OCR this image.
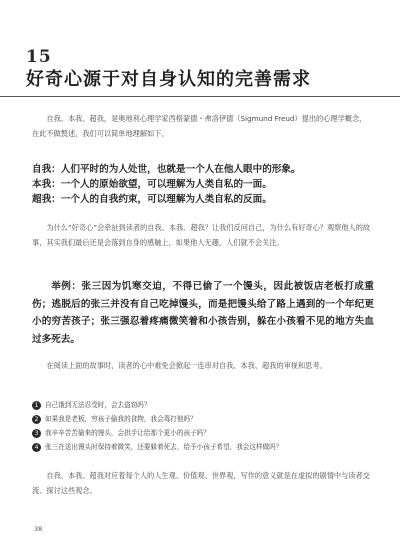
15
好奇心源于对自身认知的完善需求

自我、本我、超我，是奥地利心理学家西格蒙德・弗洛伊德（Sigmund Freud）提出的心理学概念，在此不做赘述，我们可以简单地理解如下。

自我：人们平时的为人处世，也就是一个人在他人眼中的形象。
本我：一个人的原始欲望，可以理解为人类自私的一面。
超我：一个人的自我约束，可以理解为人类自私的反面。

为什么“好奇心”会牵扯到读者的自我、本我、超我？让我们反问自己，为什么有好奇心？观察他人的故事，其实我们最后还是会落到自身的感触上，如果他人无趣，人们就不会关注。

举例：张三因为饥寒交迫，不得已偷了一个馒头，因此被饭店老板打成重伤；逃脱后的张三并没有自己吃掉馒头，而是把馒头给了路上遇到的一个年纪更小的穷苦孩子；张三强忍着疼痛微笑着和小孩告别，躲在小孩看不见的地方失血过多死去。

在阅读上面的故事时，读者的心中难免会掀起一连串对自我、本我、超我的审视和思考。

1 自己饿到无法忍受时，会去盗窃吗？
2 如果我是老板，穷孩子偷我的食物，我会毒打他吗？
3 我辛辛苦苦偷来的馒头，会拱手让给那个更小的孩子吗？
4 张三在送出馒头时保持着微笑，还要躲着死去，给予小孩子希望，我会这样做吗？

自我、本我、超我对应着每个人的人生观、价值观、世界观，写作的意义就是在虚拟的剧情中与读者交流、探讨这些观念。

38
